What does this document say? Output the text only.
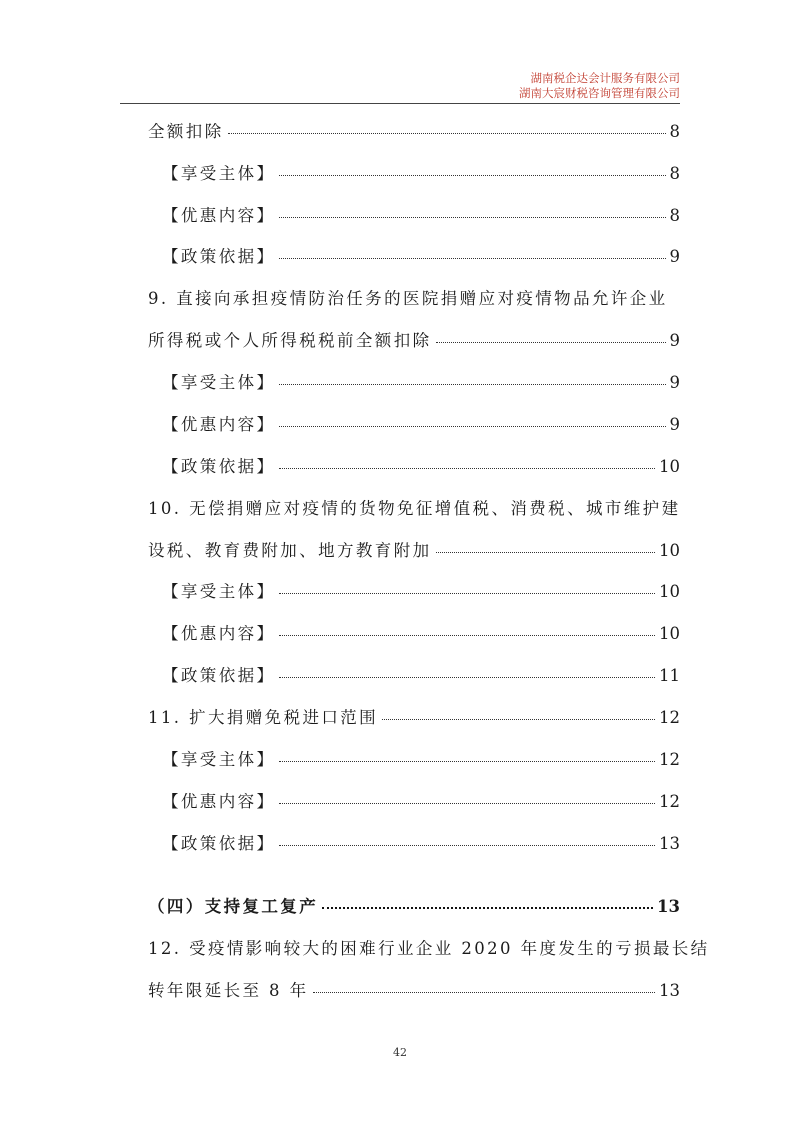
湖南税企达会计服务有限公司
湖南大宸财税咨询管理有限公司
全额扣除	8
【享受主体】	8
【优惠内容】	8
【政策依据】	9
9. 直接向承担疫情防治任务的医院捐赠应对疫情物品允许企业
所得税或个人所得税税前全额扣除	9
【享受主体】	9
【优惠内容】	9
【政策依据】	10
10. 无偿捐赠应对疫情的货物免征增值税、消费税、城市维护建
设税、教育费附加、地方教育附加	10
【享受主体】	10
【优惠内容】	10
【政策依据】	11
11. 扩大捐赠免税进口范围	12
【享受主体】	12
【优惠内容】	12
【政策依据】	13
（四）支持复工复产	13
12. 受疫情影响较大的困难行业企业 2020 年度发生的亏损最长结
转年限延长至 8 年	13
42
